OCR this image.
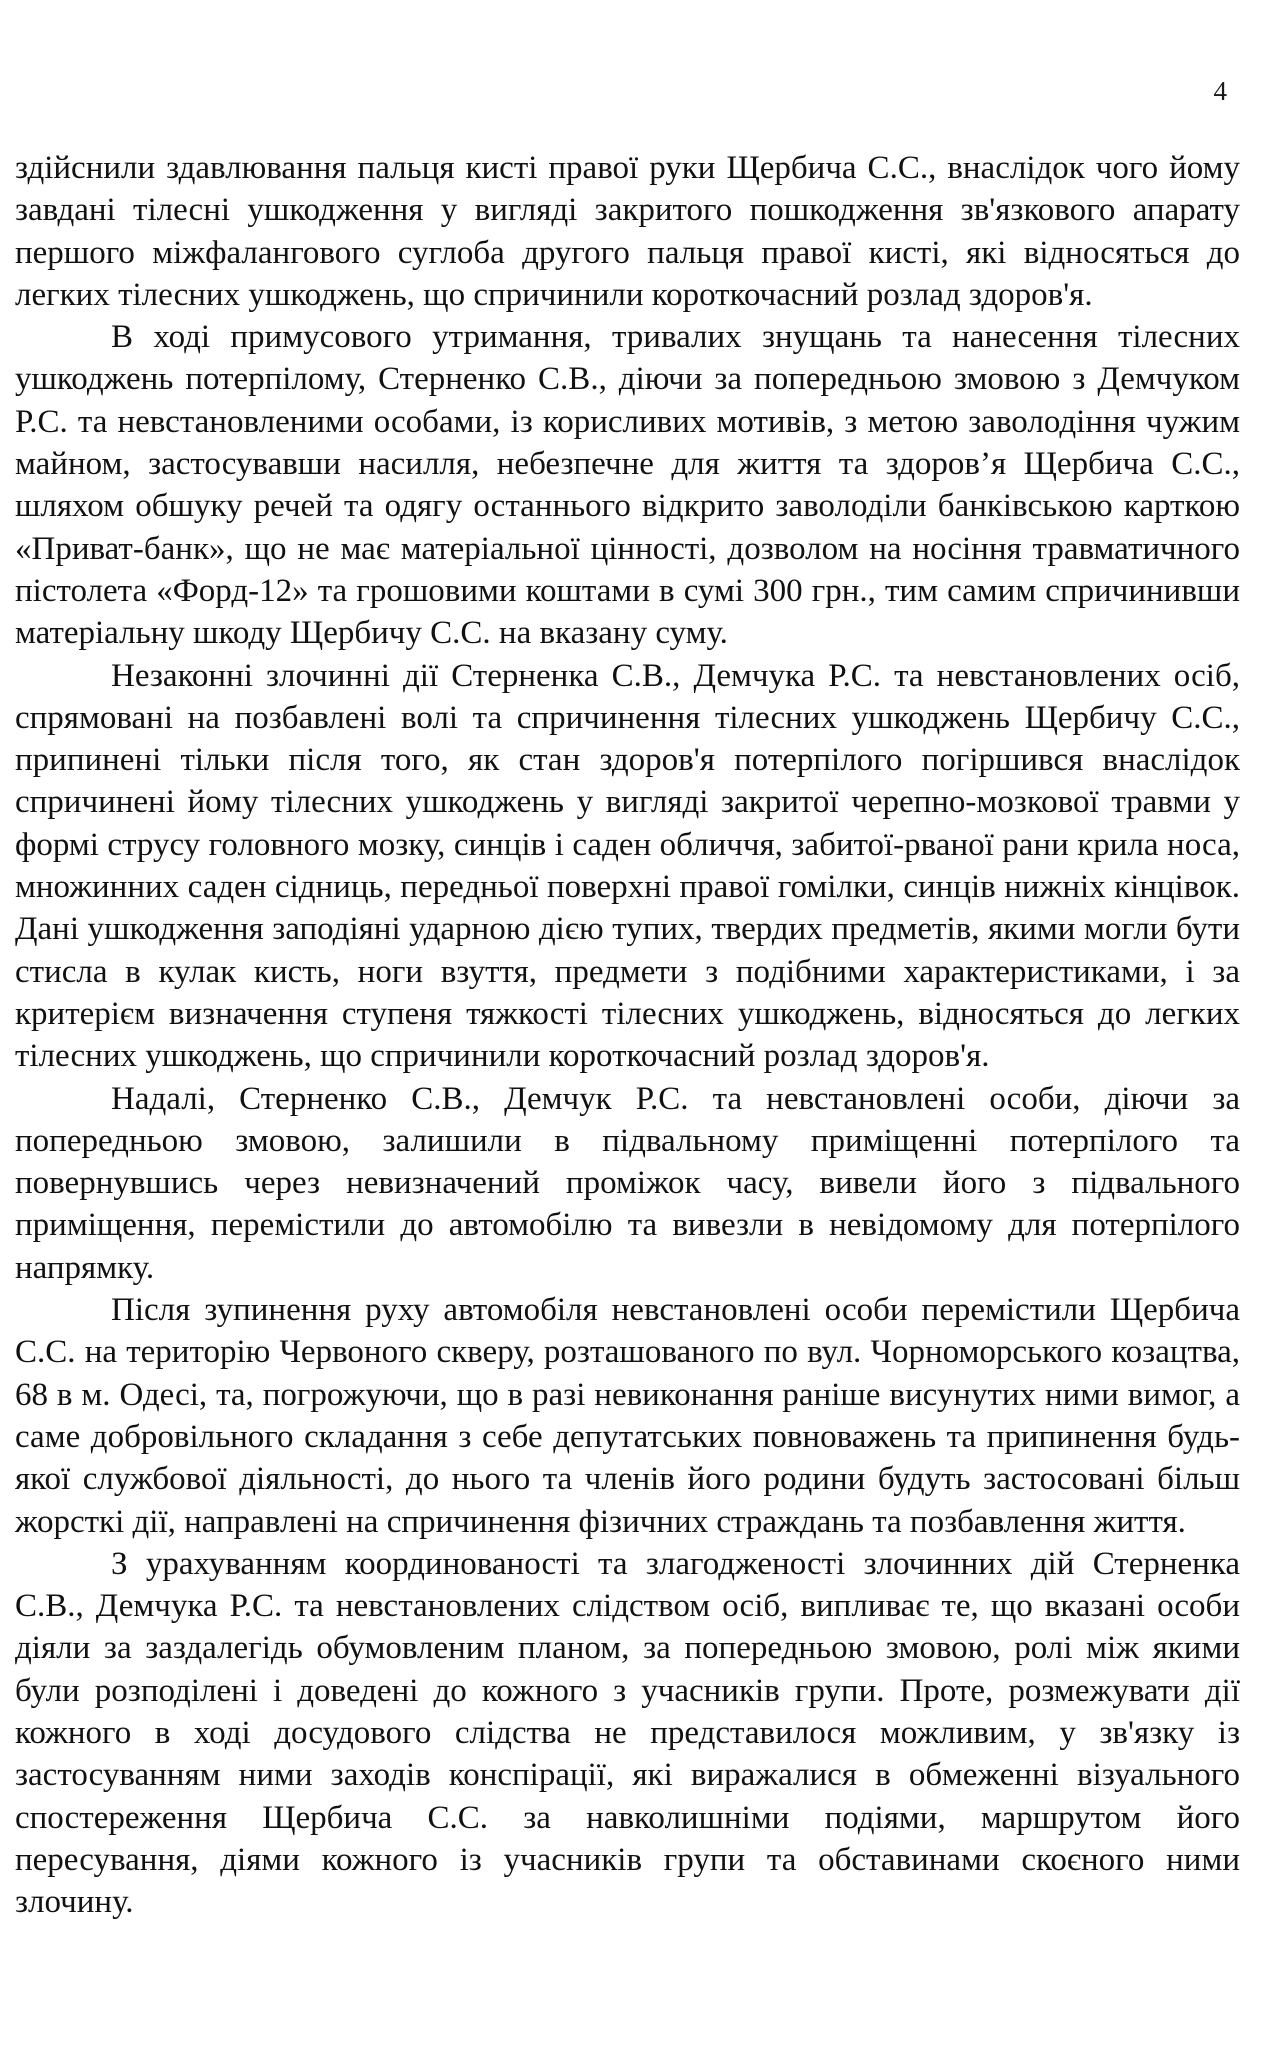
4

здійснили здавлювання пальця кисті правої руки Щербича С.С., внаслідок чого йому завдані тілесні ушкодження у вигляді закритого пошкодження зв'язкового апарату першого міжфалангового суглоба другого пальця правої кисті, які відносяться до легких тілесних ушкоджень, що спричинили короткочасний розлад здоров'я.

В ході примусового утримання, тривалих знущань та нанесення тілесних ушкоджень потерпілому, Стерненко С.В., діючи за попередньою змовою з Демчуком Р.С. та невстановленими особами, із корисливих мотивів, з метою заволодіння чужим майном, застосувавши насилля, небезпечне для життя та здоров’я Щербича С.С., шляхом обшуку речей та одягу останнього відкрито заволоділи банківською карткою «Приват-банк», що не має матеріальної цінності, дозволом на носіння травматичного пістолета «Форд-12» та грошовими коштами в сумі 300 грн., тим самим спричинивши матеріальну шкоду Щербичу С.С. на вказану суму.

Незаконні злочинні дії Стерненка С.В., Демчука Р.С. та невстановлених осіб, спрямовані на позбавлені волі та спричинення тілесних ушкоджень Щербичу С.С., припинені тільки після того, як стан здоров'я потерпілого погіршився внаслідок спричинені йому тілесних ушкоджень у вигляді закритої черепно-мозкової травми у формі струсу головного мозку, синців і саден обличчя, забитої-рваної рани крила носа, множинних саден сідниць, передньої поверхні правої гомілки, синців нижніх кінцівок. Дані ушкодження заподіяні ударною дією тупих, твердих предметів, якими могли бути стисла в кулак кисть, ноги взуття, предмети з подібними характеристиками, і за критерієм визначення ступеня тяжкості тілесних ушкоджень, відносяться до легких тілесних ушкоджень, що спричинили короткочасний розлад здоров'я.

Надалі, Стерненко С.В., Демчук Р.С. та невстановлені особи, діючи за попередньою змовою, залишили в підвальному приміщенні потерпілого та повернувшись через невизначений проміжок часу, вивели його з підвального приміщення, перемістили до автомобілю та вивезли в невідомому для потерпілого напрямку.

Після зупинення руху автомобіля невстановлені особи перемістили Щербича С.С. на територію Червоного скверу, розташованого по вул. Чорноморського козацтва, 68 в м. Одесі, та, погрожуючи, що в разі невиконання раніше висунутих ними вимог, а саме добровільного складання з себе депутатських повноважень та припинення будь-якої службової діяльності, до нього та членів його родини будуть застосовані більш жорсткі дії, направлені на спричинення фізичних страждань та позбавлення життя.

З урахуванням координованості та злагодженості злочинних дій Стерненка С.В., Демчука Р.С. та невстановлених слідством осіб, випливає те, що вказані особи діяли за заздалегідь обумовленим планом, за попередньою змовою, ролі між якими були розподілені і доведені до кожного з учасників групи. Проте, розмежувати дії кожного в ході досудового слідства не представилося можливим, у зв'язку із застосуванням ними заходів конспірації, які виражалися в обмеженні візуального спостереження Щербича С.С. за навколишніми подіями, маршрутом його пересування, діями кожного із учасників групи та обставинами скоєного ними злочину.
